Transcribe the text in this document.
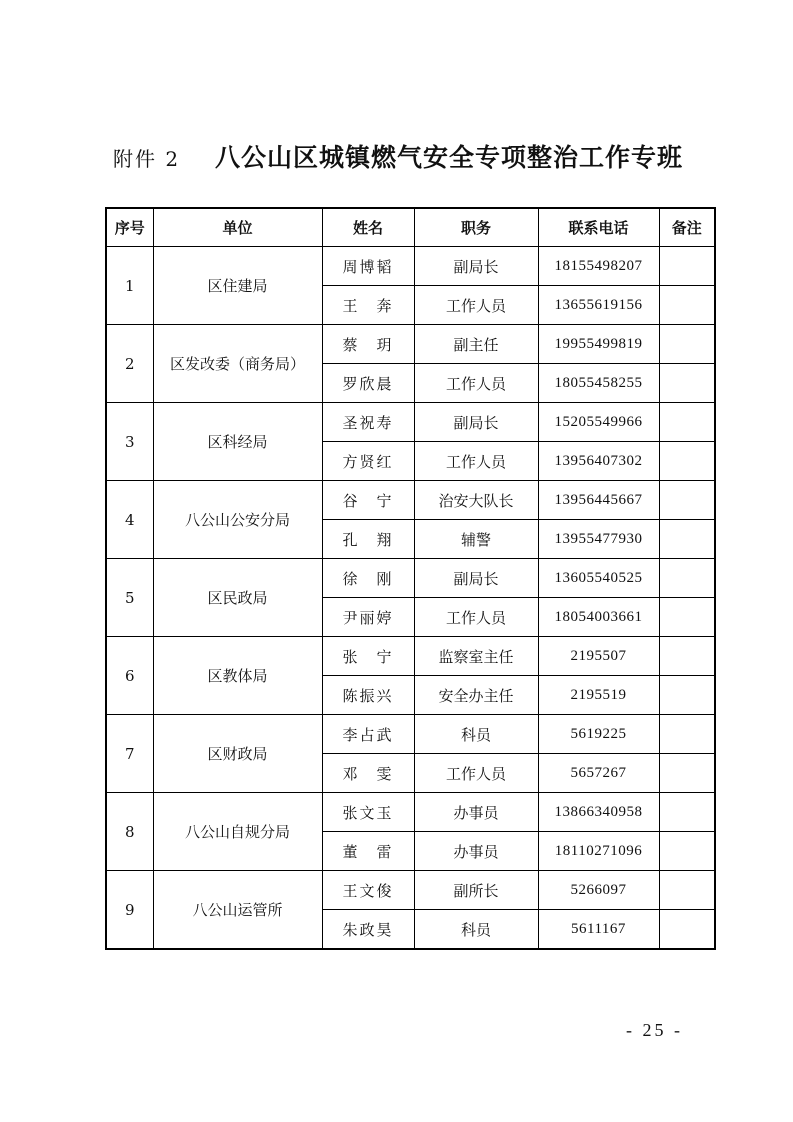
附件 2 八公山区城镇燃气安全专项整治工作专班
序号	单位	姓名	职务	联系电话	备注
1	区住建局	周博韬	副局长	18155498207	
		王　奔	工作人员	13655619156	
2	区发改委（商务局）	蔡　玥	副主任	19955499819	
		罗欣晨	工作人员	18055458255	
3	区科经局	圣祝寿	副局长	15205549966	
		方贤红	工作人员	13956407302	
4	八公山公安分局	谷　宁	治安大队长	13956445667	
		孔　翔	辅警	13955477930	
5	区民政局	徐　刚	副局长	13605540525	
		尹丽婷	工作人员	18054003661	
6	区教体局	张　宁	监察室主任	2195507	
		陈振兴	安全办主任	2195519	
7	区财政局	李占武	科员	5619225	
		邓　雯	工作人员	5657267	
8	八公山自规分局	张文玉	办事员	13866340958	
		董　雷	办事员	18110271096	
9	八公山运管所	王文俊	副所长	5266097	
		朱政昊	科员	5611167	
- 25 -
